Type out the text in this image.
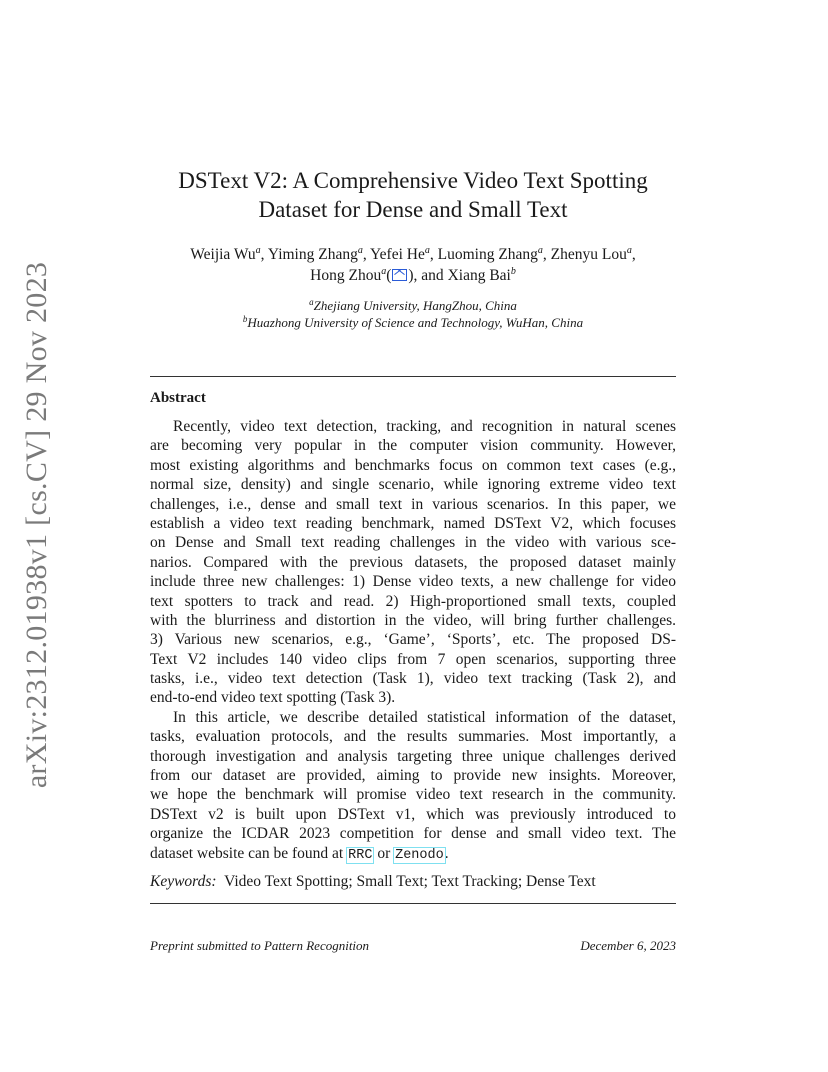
arXiv:2312.01938v1 [cs.CV] 29 Nov 2023
DSText V2: A Comprehensive Video Text Spotting
Dataset for Dense and Small Text
Weijia Wu$^a$, Yiming Zhang$^a$, Yefei He$^a$, Luoming Zhang$^a$, Zhenyu Lou$^a$,
Hong Zhou$^a$( ), and Xiang Bai$^b$
$^a$Zhejiang University, HangZhou, China
$^b$Huazhong University of Science and Technology, WuHan, China
Abstract
Recently, video text detection, tracking, and recognition in natural scenes
are becoming very popular in the computer vision community. However,
most existing algorithms and benchmarks focus on common text cases (e.g.,
normal size, density) and single scenario, while ignoring extreme video text
challenges, i.e., dense and small text in various scenarios. In this paper, we
establish a video text reading benchmark, named DSText V2, which focuses
on Dense and Small text reading challenges in the video with various sce-
narios. Compared with the previous datasets, the proposed dataset mainly
include three new challenges: 1) Dense video texts, a new challenge for video
text spotters to track and read. 2) High-proportioned small texts, coupled
with the blurriness and distortion in the video, will bring further challenges.
3) Various new scenarios, e.g., ‘Game’, ‘Sports’, etc. The proposed DS-
Text V2 includes 140 video clips from 7 open scenarios, supporting three
tasks, i.e., video text detection (Task 1), video text tracking (Task 2), and
end-to-end video text spotting (Task 3).
In this article, we describe detailed statistical information of the dataset,
tasks, evaluation protocols, and the results summaries. Most importantly, a
thorough investigation and analysis targeting three unique challenges derived
from our dataset are provided, aiming to provide new insights. Moreover,
we hope the benchmark will promise video text research in the community.
DSText v2 is built upon DSText v1, which was previously introduced to
organize the ICDAR 2023 competition for dense and small video text. The
dataset website can be found at RRC or Zenodo.
Keywords: Video Text Spotting; Small Text; Text Tracking; Dense Text
Preprint submitted to Pattern Recognition	December 6, 2023
